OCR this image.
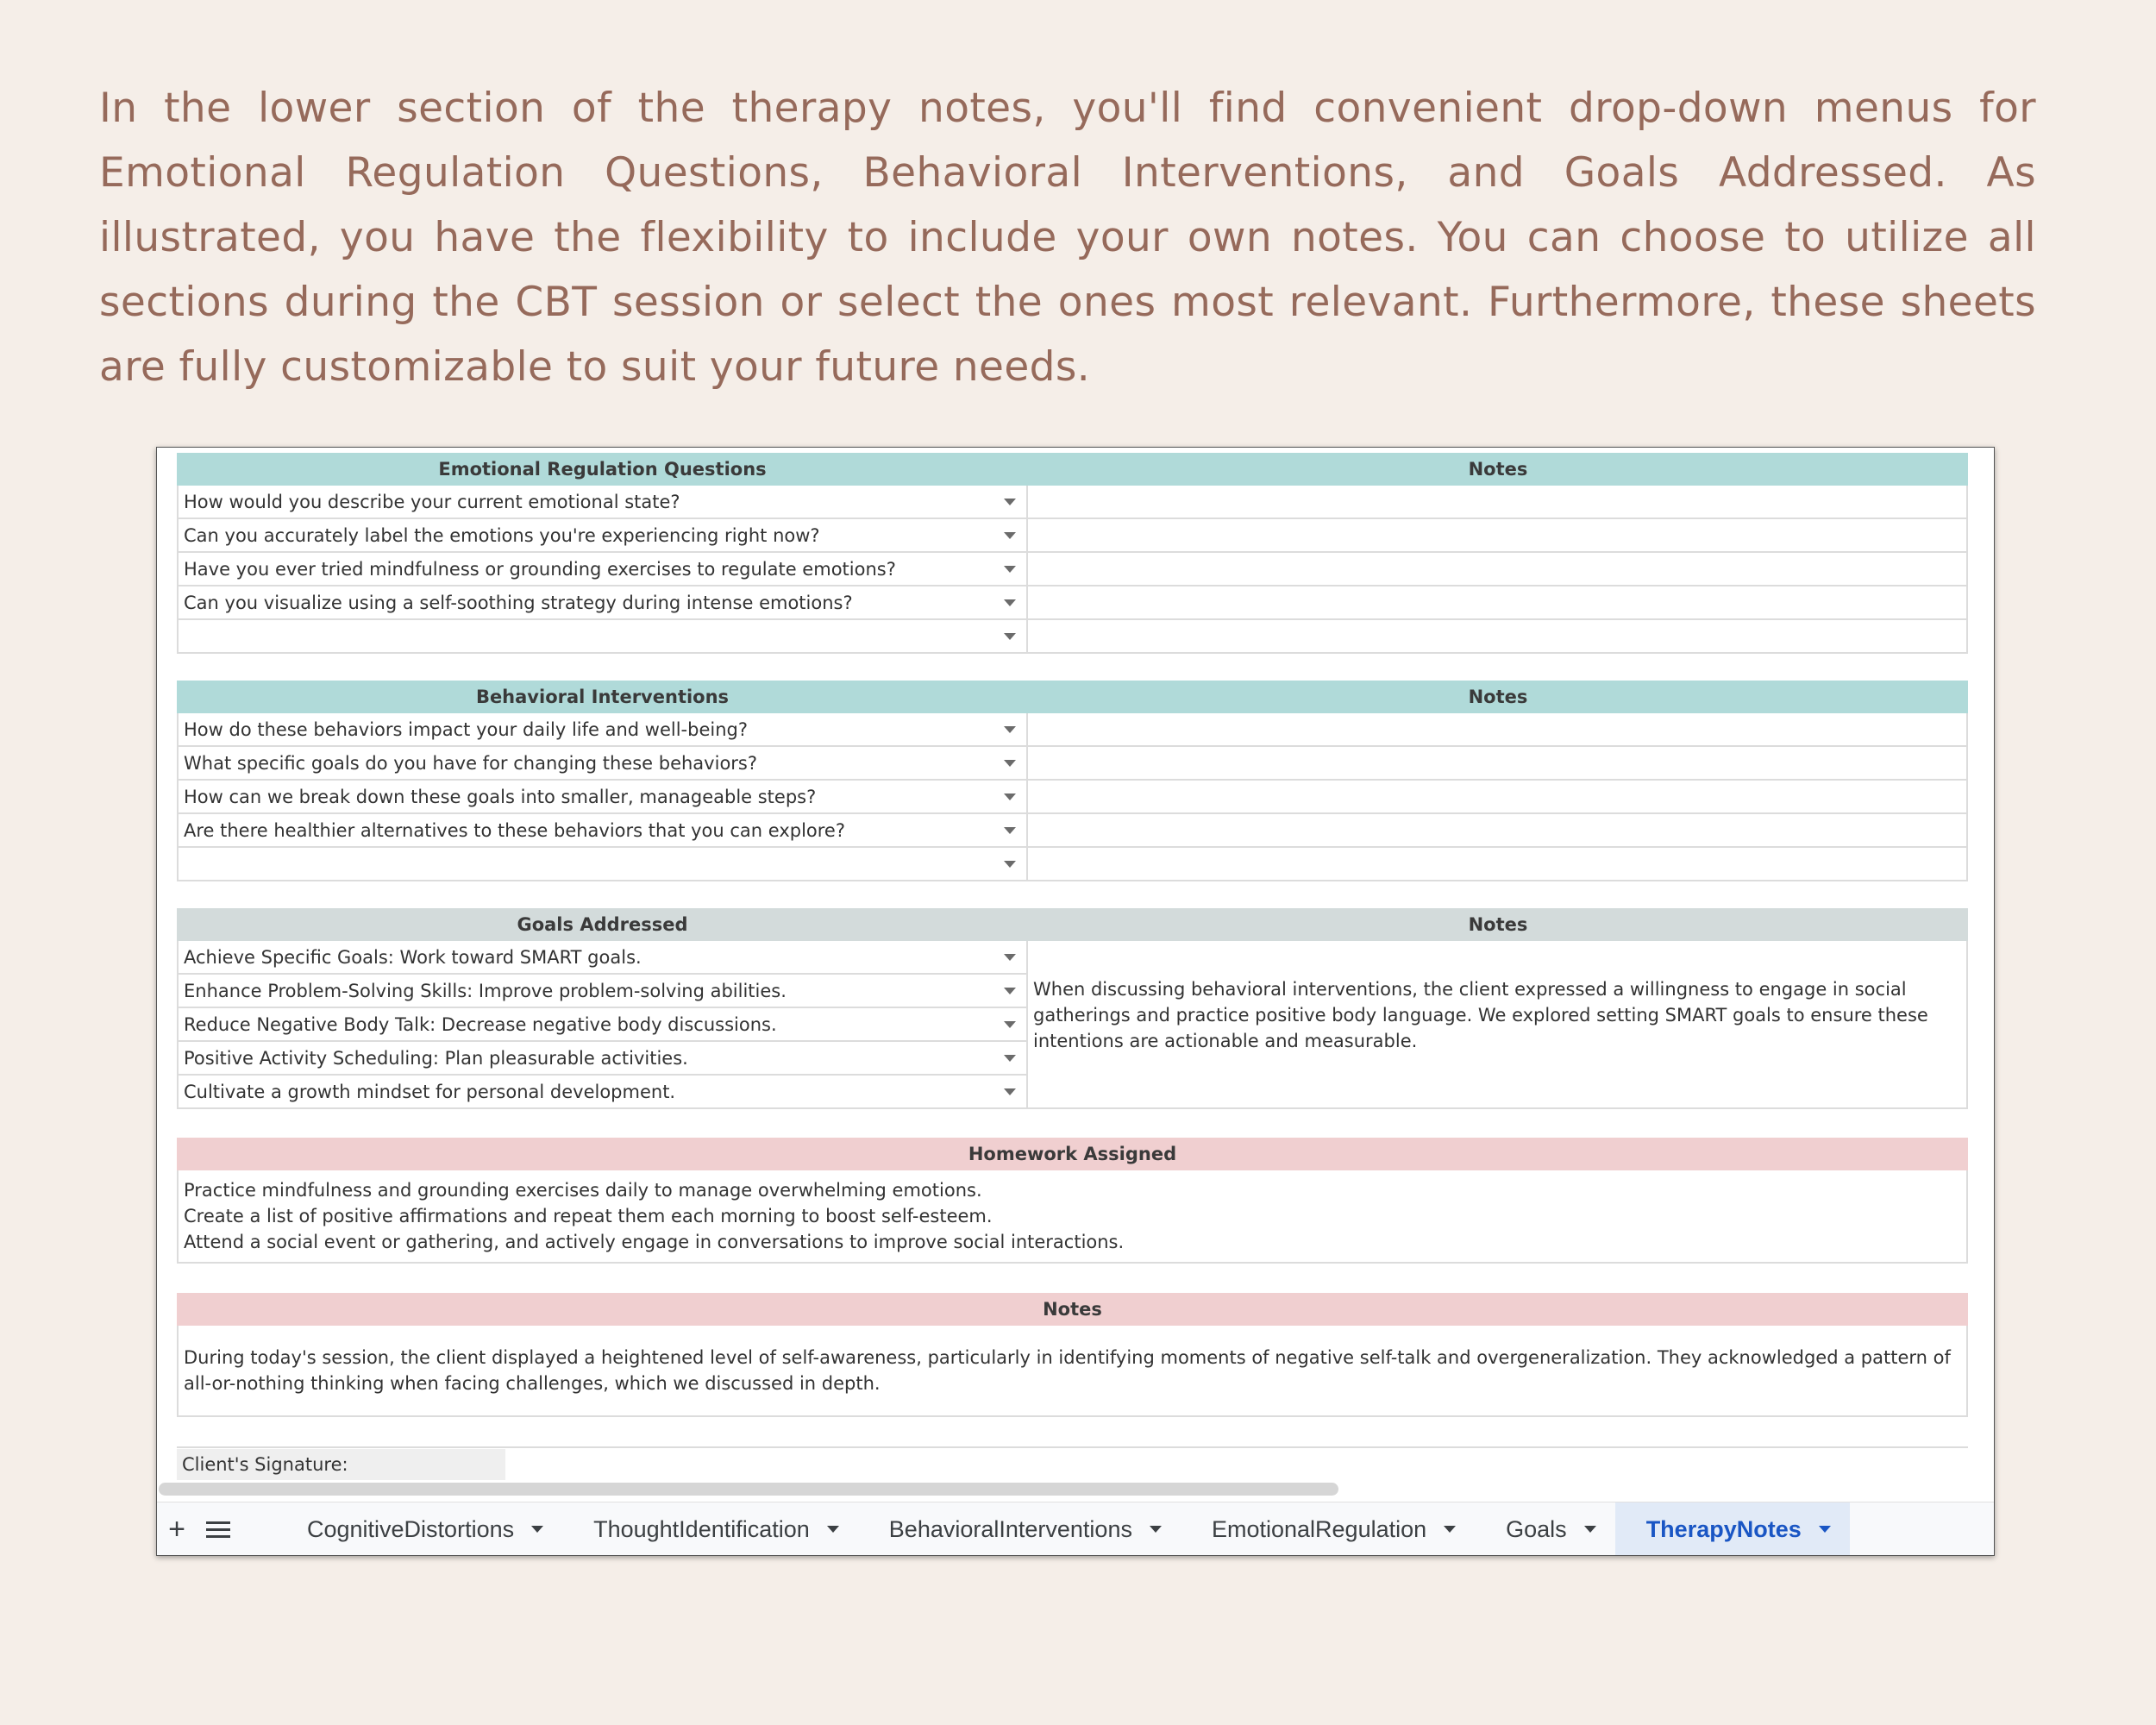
In the lower section of the therapy notes, you'll find convenient drop-down menus for Emotional Regulation Questions, Behavioral Interventions, and Goals Addressed. As illustrated, you have the flexibility to include your own notes. You can choose to utilize all sections during the CBT session or select the ones most relevant. Furthermore, these sheets are fully customizable to suit your future needs.
Emotional Regulation Questions	Notes
How would you describe your current emotional state?
Can you accurately label the emotions you're experiencing right now?
Have you ever tried mindfulness or grounding exercises to regulate emotions?
Can you visualize using a self-soothing strategy during intense emotions?
Behavioral Interventions	Notes
How do these behaviors impact your daily life and well-being?
What specific goals do you have for changing these behaviors?
How can we break down these goals into smaller, manageable steps?
Are there healthier alternatives to these behaviors that you can explore?
Goals Addressed	Notes
Achieve Specific Goals: Work toward SMART goals.
Enhance Problem-Solving Skills: Improve problem-solving abilities.
Reduce Negative Body Talk: Decrease negative body discussions.
Positive Activity Scheduling: Plan pleasurable activities.
Cultivate a growth mindset for personal development.
When discussing behavioral interventions, the client expressed a willingness to engage in social gatherings and practice positive body language. We explored setting SMART goals to ensure these intentions are actionable and measurable.
Homework Assigned
Practice mindfulness and grounding exercises daily to manage overwhelming emotions.
Create a list of positive affirmations and repeat them each morning to boost self-esteem.
Attend a social event or gathering, and actively engage in conversations to improve social interactions.
Notes
During today's session, the client displayed a heightened level of self-awareness, particularly in identifying moments of negative self-talk and overgeneralization. They acknowledged a pattern of all-or-nothing thinking when facing challenges, which we discussed in depth.
Client's Signature:
+	CognitiveDistortions	ThoughtIdentification	BehavioralInterventions	EmotionalRegulation	Goals	TherapyNotes
